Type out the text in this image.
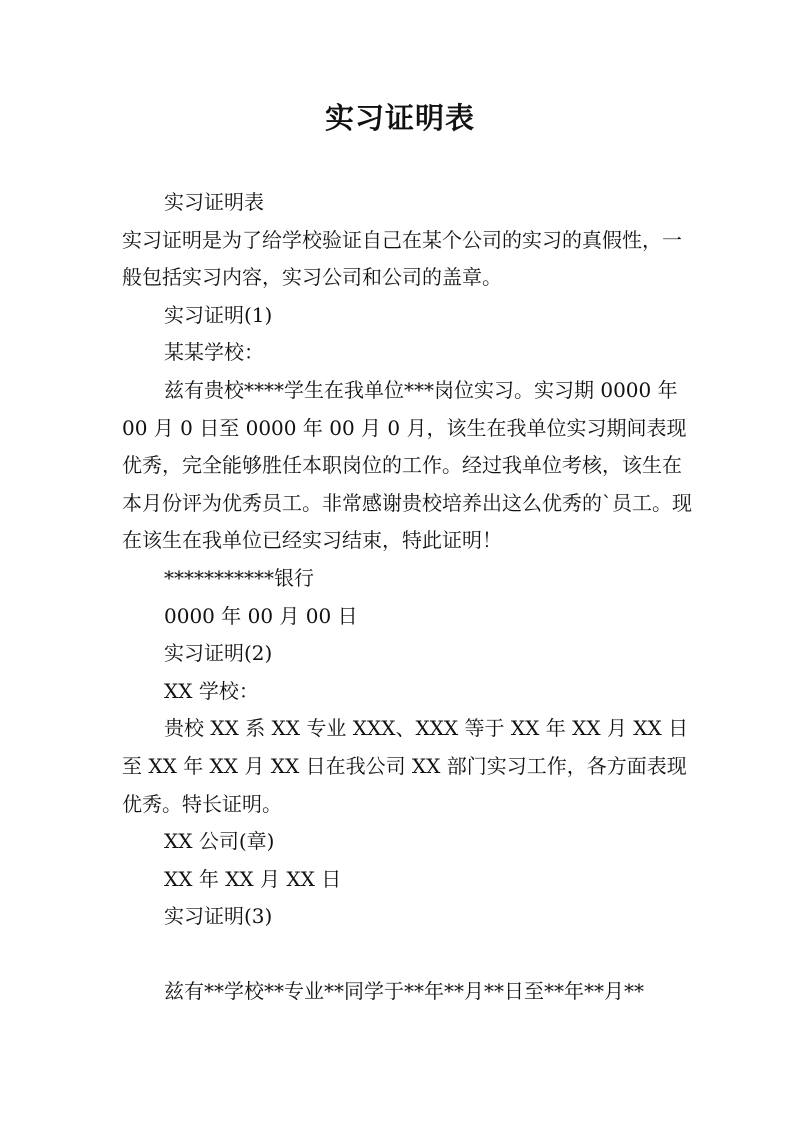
实习证明表

实习证明表

实习证明是为了给学校验证自己在某个公司的实习的真假性，一般包括实习内容，实习公司和公司的盖章。

实习证明(1)

某某学校：

兹有贵校****学生在我单位***岗位实习。实习期 0000 年 00 月 0 日至 0000 年 00 月 0 月，该生在我单位实习期间表现优秀，完全能够胜任本职岗位的工作。经过我单位考核，该生在本月份评为优秀员工。非常感谢贵校培养出这么优秀的`员工。现在该生在我单位已经实习结束，特此证明！

***********银行

0000 年 00 月 00 日

实习证明(2)

XX 学校：

贵校 XX 系 XX 专业 XXX、XXX 等于 XX 年 XX 月 XX 日至 XX 年 XX 月 XX 日在我公司 XX 部门实习工作，各方面表现优秀。特长证明。

XX 公司(章)

XX 年 XX 月 XX 日

实习证明(3)

兹有**学校**专业**同学于**年**月**日至**年**月**
